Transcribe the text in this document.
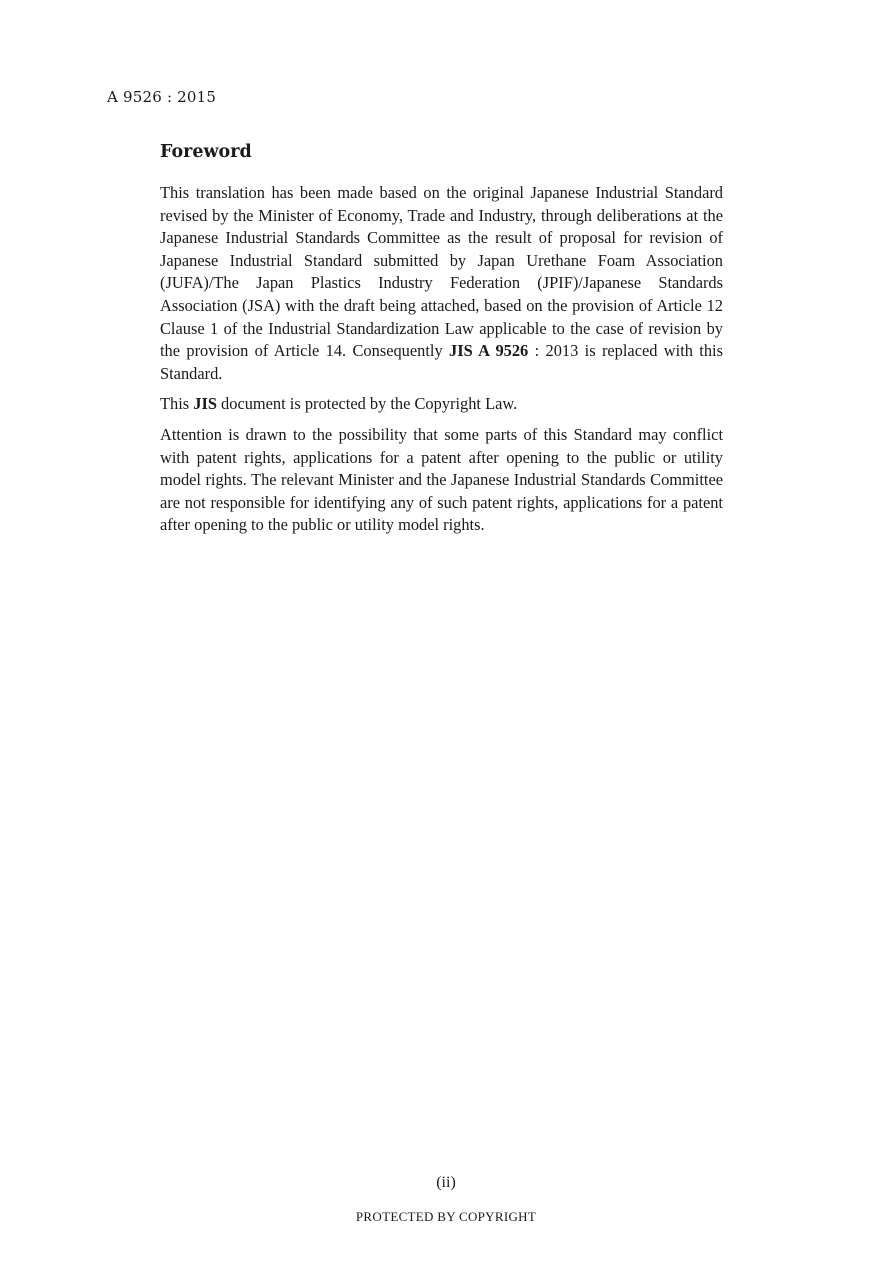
A 9526 : 2015
Foreword

This translation has been made based on the original Japanese Industrial Standard revised by the Minister of Economy, Trade and Industry, through deliberations at the Japanese Industrial Standards Committee as the result of proposal for revision of Japanese Industrial Standard submitted by Japan Urethane Foam Association (JUFA)/The Japan Plastics Industry Federation (JPIF)/Japanese Standards Association (JSA) with the draft being attached, based on the provision of Article 12 Clause 1 of the Industrial Standardization Law applicable to the case of revision by the provision of Article 14. Consequently JIS A 9526 : 2013 is replaced with this Standard.

This JIS document is protected by the Copyright Law.

Attention is drawn to the possibility that some parts of this Standard may conflict with patent rights, applications for a patent after opening to the public or utility model rights. The relevant Minister and the Japanese Industrial Standards Committee are not responsible for identifying any of such patent rights, applications for a patent after opening to the public or utility model rights.

(ii)
PROTECTED BY COPYRIGHT
